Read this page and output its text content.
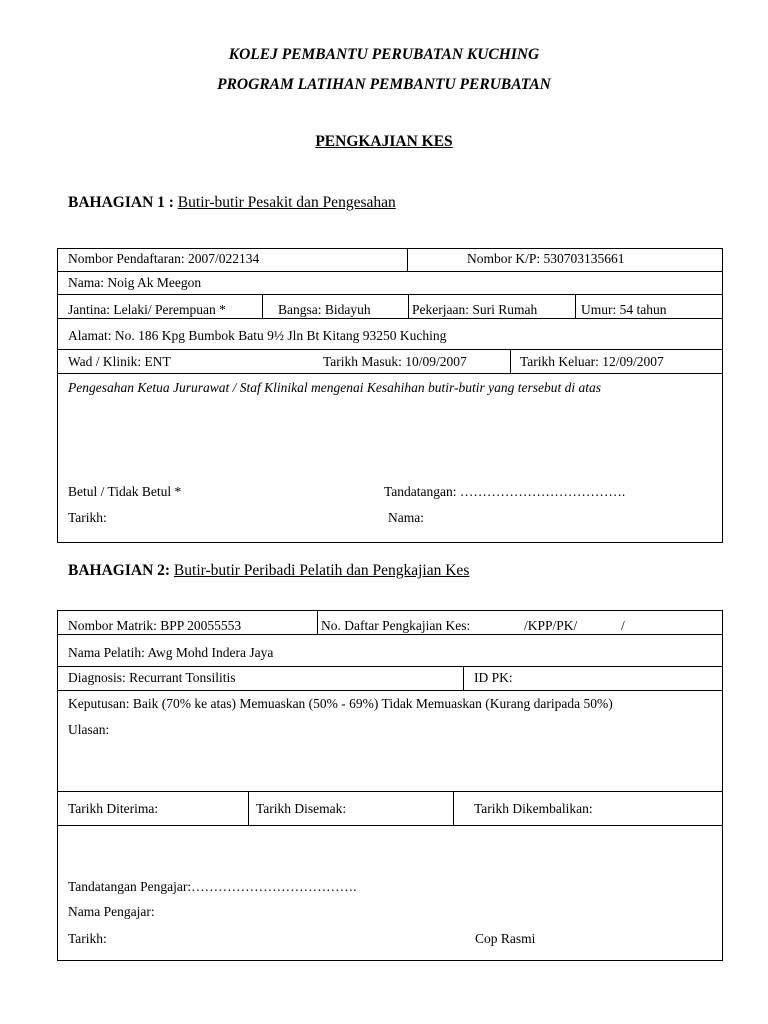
KOLEJ PEMBANTU PERUBATAN KUCHING
PROGRAM LATIHAN PEMBANTU PERUBATAN
PENGKAJIAN KES
BAHAGIAN 1 : Butir-butir Pesakit dan Pengesahan
Nombor Pendaftaran: 2007/022134	Nombor K/P: 530703135661
Nama: Noig Ak Meegon
Jantina: Lelaki/ Perempuan *	Bangsa: Bidayuh	Pekerjaan: Suri Rumah	Umur: 54 tahun
Alamat: No. 186 Kpg Bumbok Batu 9½ Jln Bt Kitang 93250 Kuching
Wad / Klinik: ENT	Tarikh Masuk: 10/09/2007	Tarikh Keluar: 12/09/2007
Pengesahan Ketua Jururawat / Staf Klinikal mengenai Kesahihan butir-butir yang tersebut di atas
Betul / Tidak Betul *	Tandatangan: ……………………………….
Tarikh:	Nama:
BAHAGIAN 2: Butir-butir Peribadi Pelatih dan Pengkajian Kes
Nombor Matrik: BPP 20055553	No. Daftar Pengkajian Kes:	/KPP/PK/	/
Nama Pelatih: Awg Mohd Indera Jaya
Diagnosis: Recurrant Tonsilitis	ID PK:
Keputusan: Baik (70% ke atas) Memuaskan (50% - 69%) Tidak Memuaskan (Kurang daripada 50%)
Ulasan:
Tarikh Diterima:	Tarikh Disemak:	Tarikh Dikembalikan:
Tandatangan Pengajar:……………………………….
Nama Pengajar:
Tarikh:	Cop Rasmi
